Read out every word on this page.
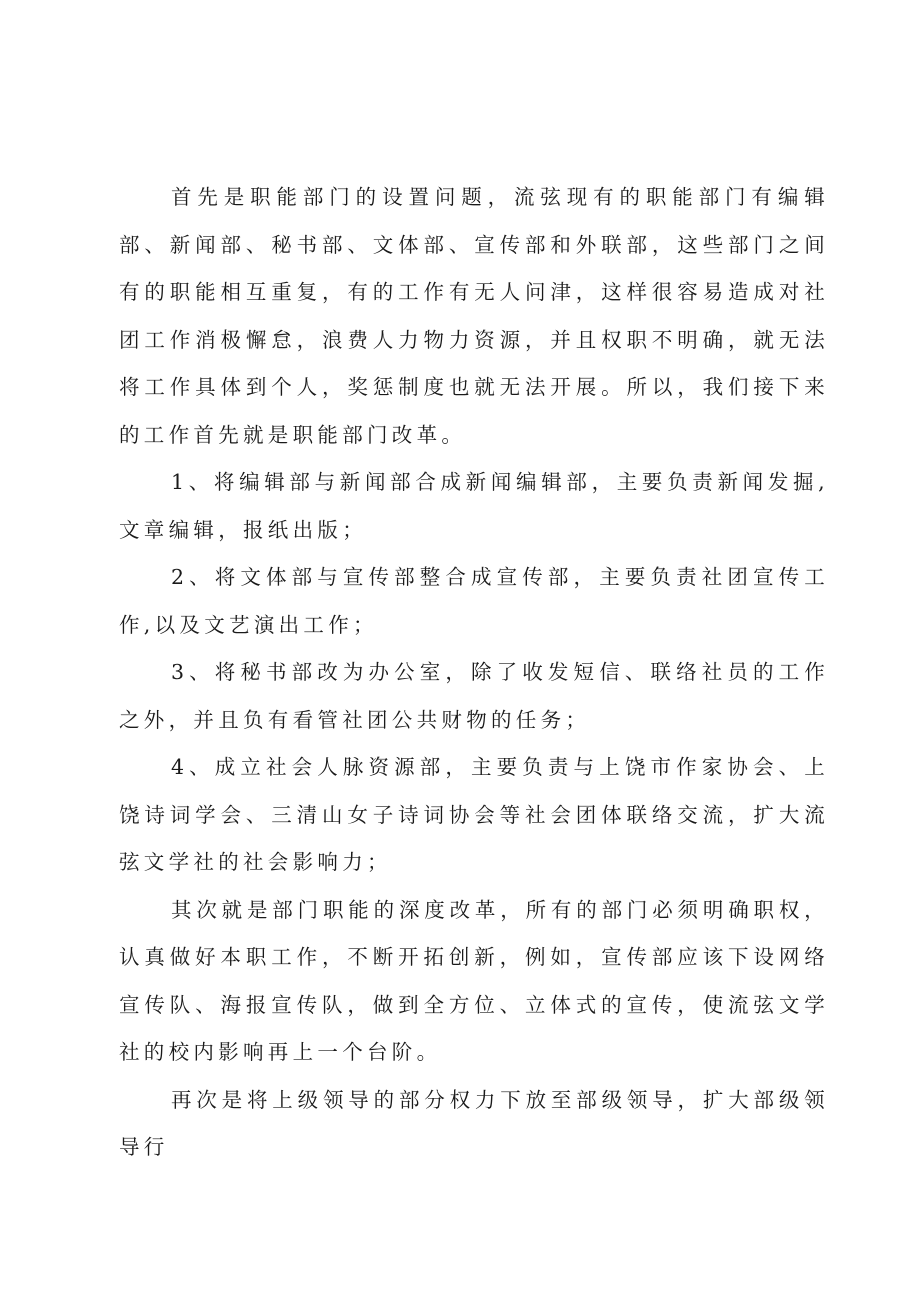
首先是职能部门的设置问题，流弦现有的职能部门有编辑部、新闻部、秘书部、文体部、宣传部和外联部，这些部门之间有的职能相互重复，有的工作有无人问津，这样很容易造成对社团工作消极懈怠，浪费人力物力资源，并且权职不明确，就无法将工作具体到个人，奖惩制度也就无法开展。所以，我们接下来的工作首先就是职能部门改革。

1、将编辑部与新闻部合成新闻编辑部，主要负责新闻发掘,文章编辑，报纸出版；

2、将文体部与宣传部整合成宣传部，主要负责社团宣传工作,以及文艺演出工作；

3、将秘书部改为办公室，除了收发短信、联络社员的工作之外，并且负有看管社团公共财物的任务；

4、成立社会人脉资源部，主要负责与上饶市作家协会、上饶诗词学会、三清山女子诗词协会等社会团体联络交流，扩大流弦文学社的社会影响力；

其次就是部门职能的深度改革，所有的部门必须明确职权，认真做好本职工作，不断开拓创新，例如，宣传部应该下设网络宣传队、海报宣传队，做到全方位、立体式的宣传，使流弦文学社的校内影响再上一个台阶。

再次是将上级领导的部分权力下放至部级领导，扩大部级领导行
